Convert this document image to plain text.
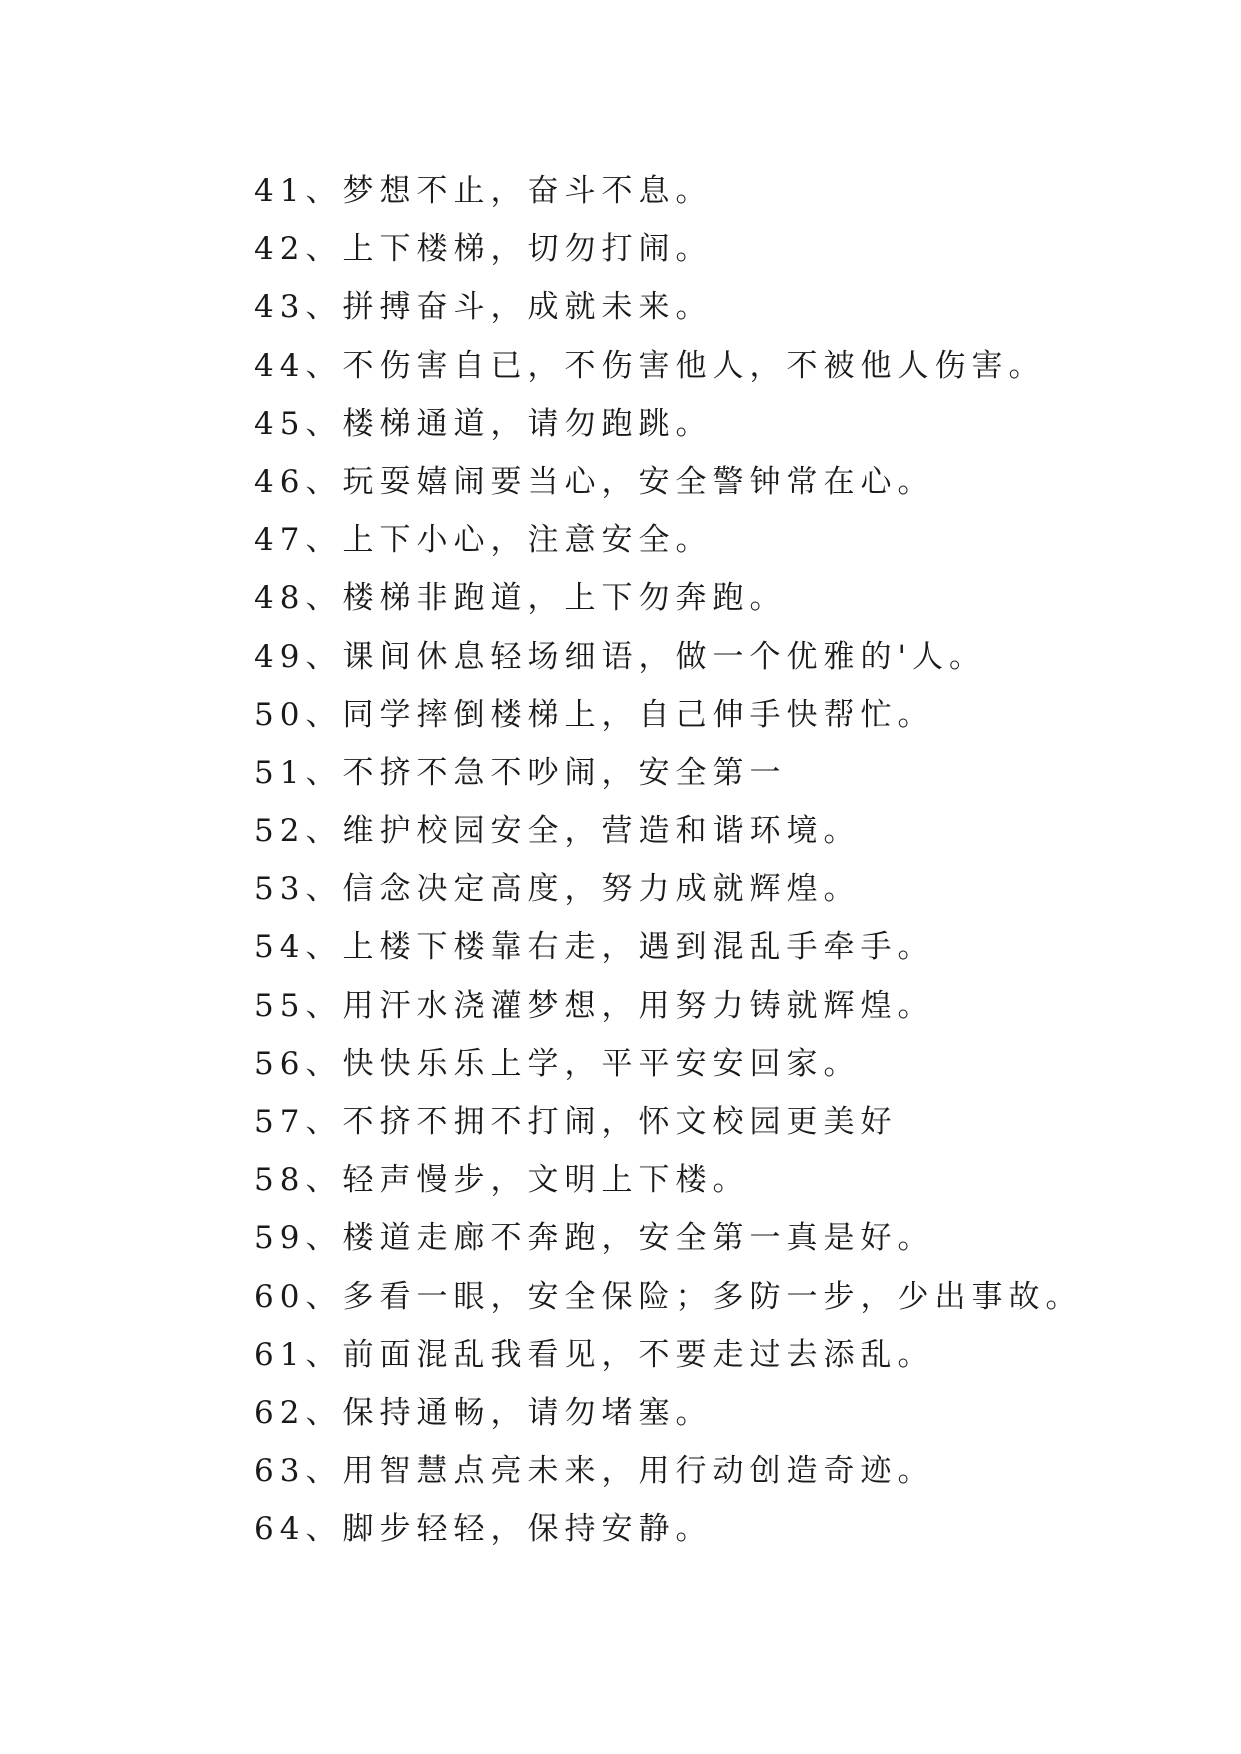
41、梦想不止，奋斗不息。
42、上下楼梯，切勿打闹。
43、拼搏奋斗，成就未来。
44、不伤害自已，不伤害他人，不被他人伤害。
45、楼梯通道，请勿跑跳。
46、玩耍嬉闹要当心，安全警钟常在心。
47、上下小心，注意安全。
48、楼梯非跑道，上下勿奔跑。
49、课间休息轻场细语，做一个优雅的'人。
50、同学摔倒楼梯上，自己伸手快帮忙。
51、不挤不急不吵闹，安全第一
52、维护校园安全，营造和谐环境。
53、信念决定高度，努力成就辉煌。
54、上楼下楼靠右走，遇到混乱手牵手。
55、用汗水浇灌梦想，用努力铸就辉煌。
56、快快乐乐上学，平平安安回家。
57、不挤不拥不打闹，怀文校园更美好
58、轻声慢步，文明上下楼。
59、楼道走廊不奔跑，安全第一真是好。
60、多看一眼，安全保险；多防一步，少出事故。
61、前面混乱我看见，不要走过去添乱。
62、保持通畅，请勿堵塞。
63、用智慧点亮未来，用行动创造奇迹。
64、脚步轻轻，保持安静。
